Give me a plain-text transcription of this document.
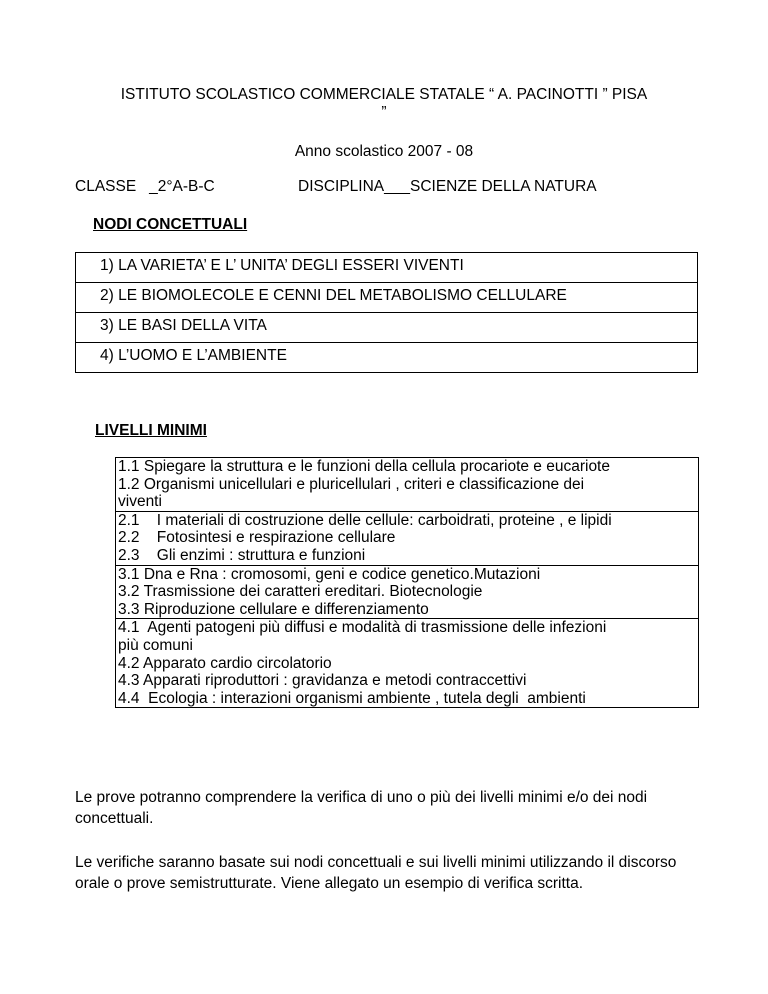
ISTITUTO SCOLASTICO COMMERCIALE STATALE “ A. PACINOTTI ” PISA
”
Anno scolastico 2007 - 08
CLASSE   _2°A-B-C	DISCIPLINA___SCIENZE DELLA NATURA
NODI CONCETTUALI
1) LA VARIETA’ E L’ UNITA’ DEGLI ESSERI VIVENTI
2) LE BIOMOLECOLE E CENNI DEL METABOLISMO CELLULARE
3) LE BASI DELLA VITA
4) L’UOMO E L’AMBIENTE
LIVELLI MINIMI
1.1 Spiegare la struttura e le funzioni della cellula procariote e eucariote
1.2 Organismi unicellulari e pluricellulari , criteri e classificazione dei
viventi

2.1    I materiali di costruzione delle cellule: carboidrati, proteine , e lipidi
2.2    Fotosintesi e respirazione cellulare
2.3    Gli enzimi : struttura e funzioni

3.1 Dna e Rna : cromosomi, geni e codice genetico.Mutazioni
3.2 Trasmissione dei caratteri ereditari. Biotecnologie
3.3 Riproduzione cellulare e differenziamento

4.1  Agenti patogeni più diffusi e modalità di trasmissione delle infezioni
più comuni
4.2 Apparato cardio circolatorio
4.3 Apparati riproduttori : gravidanza e metodi contraccettivi
4.4  Ecologia : interazioni organismi ambiente , tutela degli  ambienti
Le prove potranno comprendere la verifica di uno o più dei livelli minimi e/o dei nodi concettuali.
Le verifiche saranno basate sui nodi concettuali e sui livelli minimi utilizzando il discorso orale o prove semistrutturate. Viene allegato un esempio di verifica scritta.
